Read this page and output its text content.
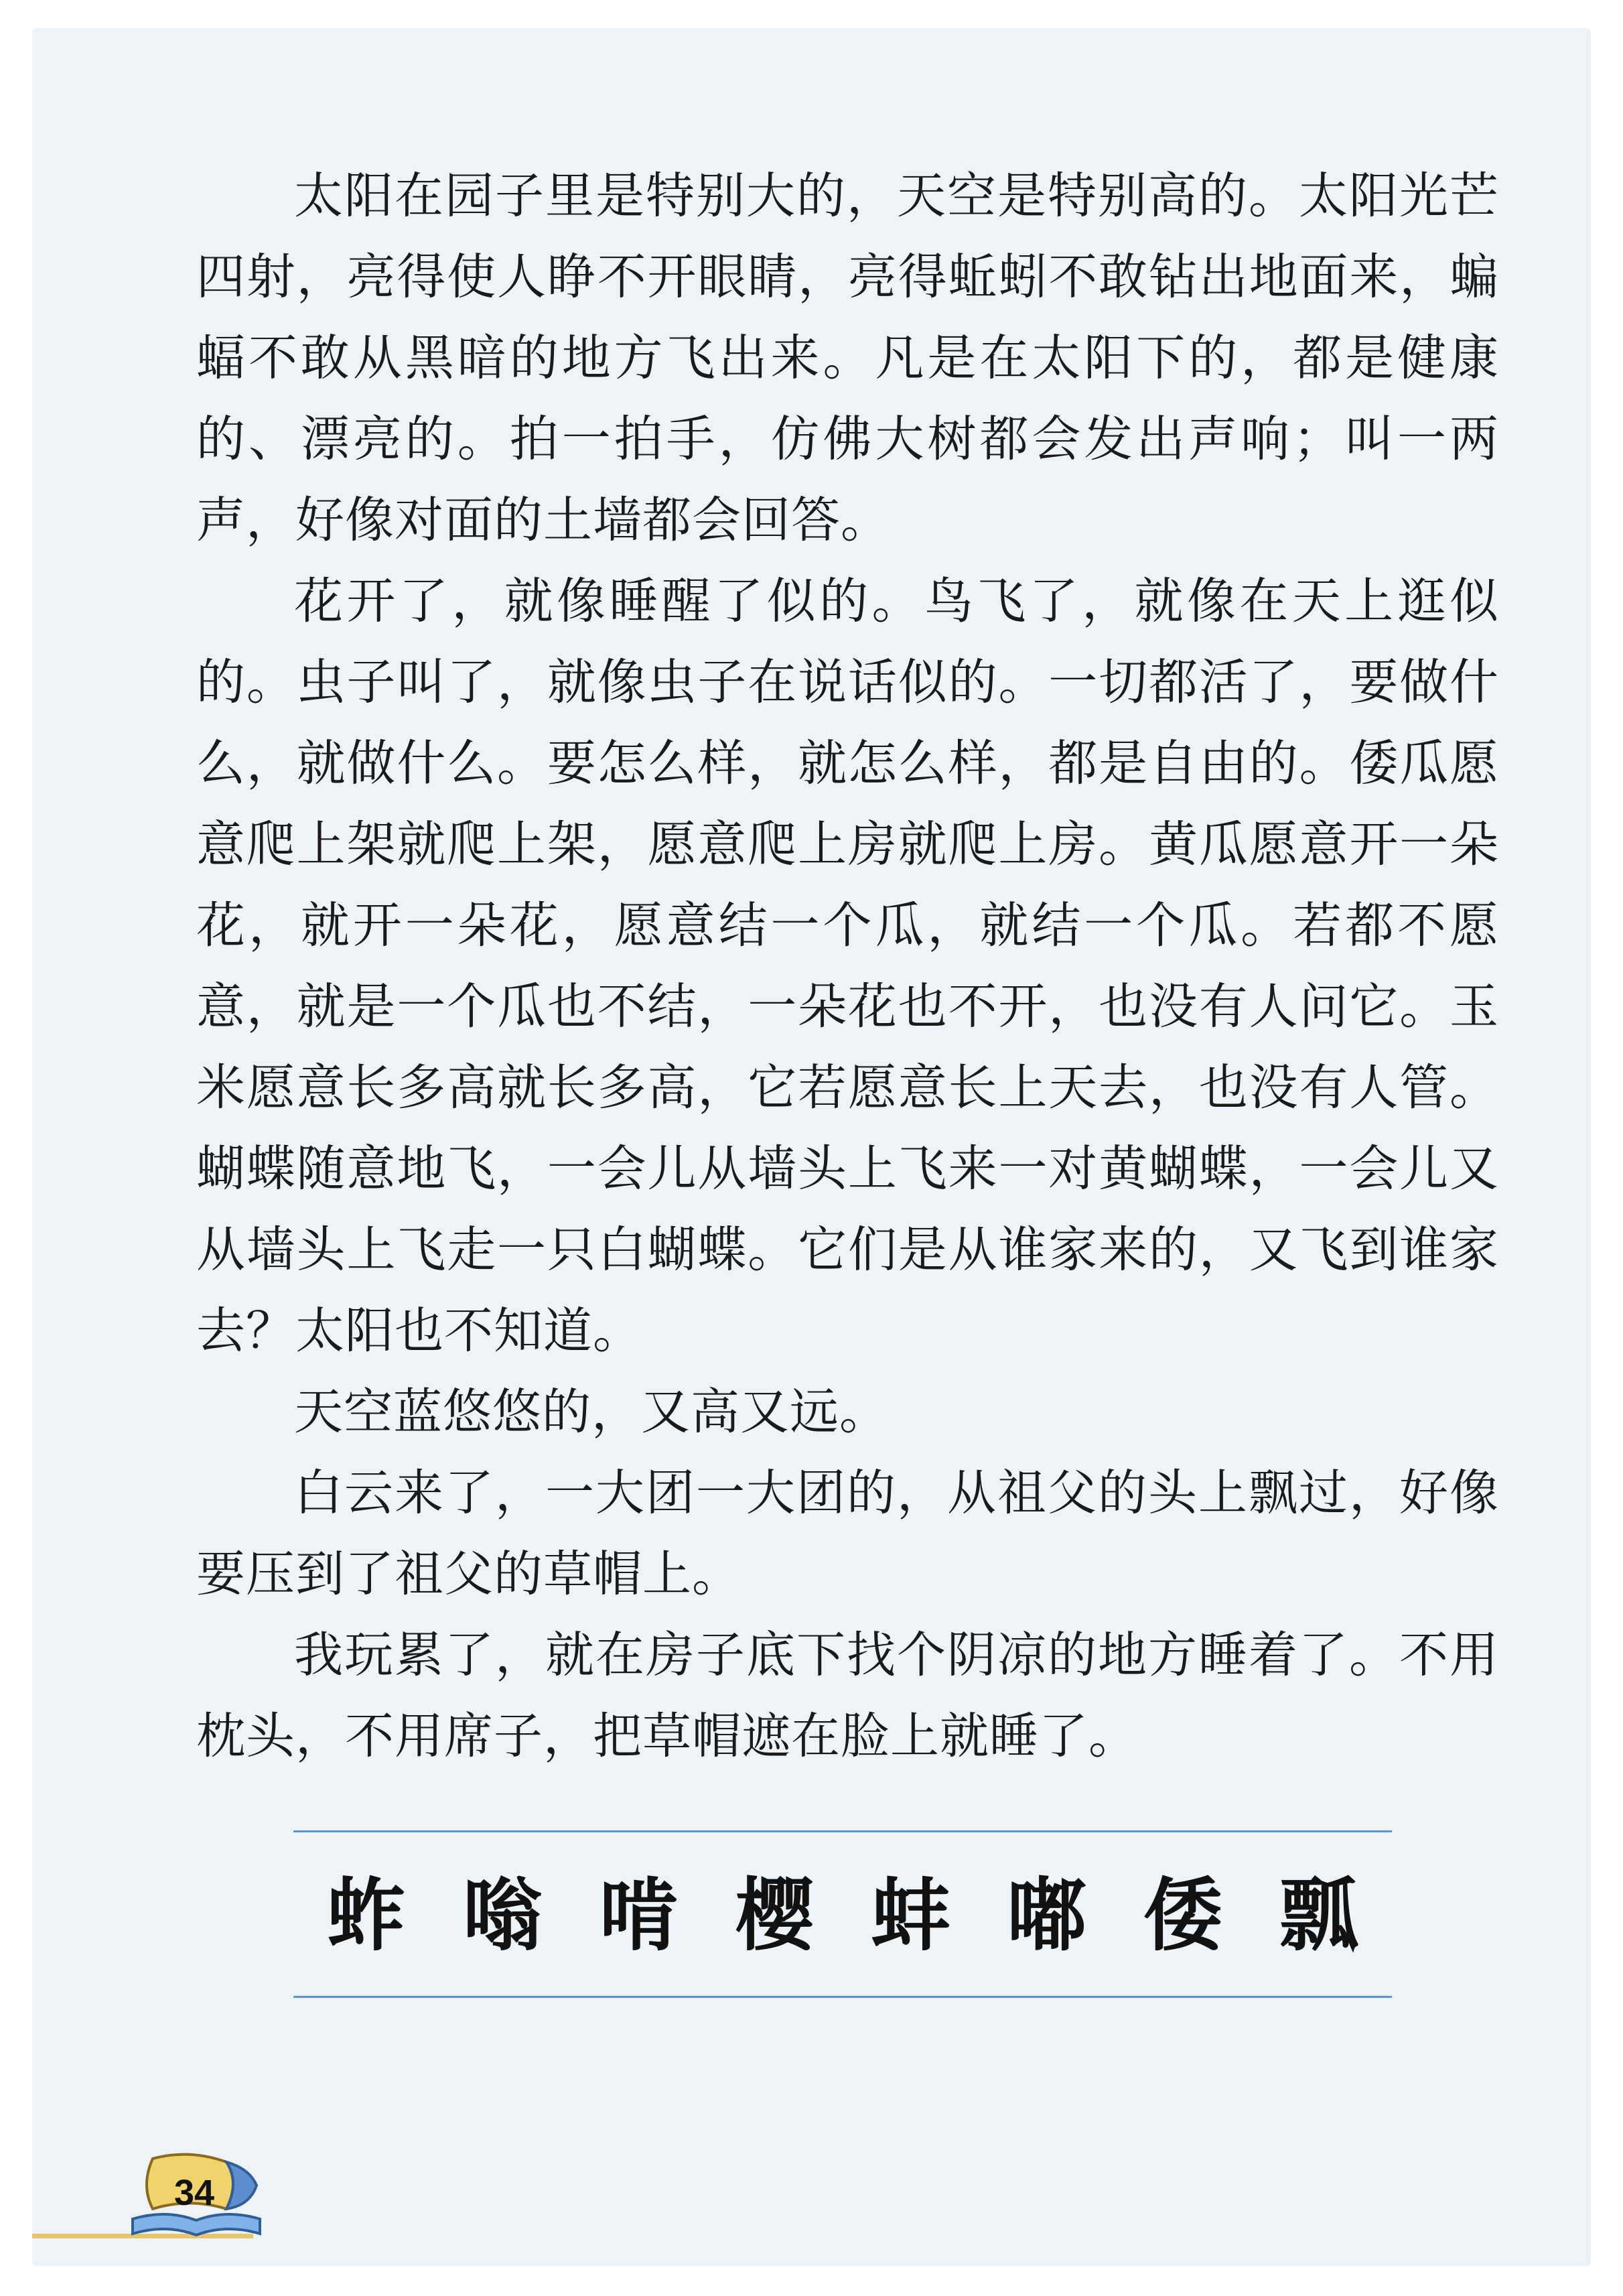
太阳在园子里是特别大的，天空是特别高的。太阳光芒四射，亮得使人睁不开眼睛，亮得蚯蚓不敢钻出地面来，蝙蝠不敢从黑暗的地方飞出来。凡是在太阳下的，都是健康的、漂亮的。拍一拍手，仿佛大树都会发出声响；叫一两声，好像对面的土墙都会回答。

花开了，就像睡醒了似的。鸟飞了，就像在天上逛似的。虫子叫了，就像虫子在说话似的。一切都活了，要做什么，就做什么。要怎么样，就怎么样，都是自由的。倭瓜愿意爬上架就爬上架，愿意爬上房就爬上房。黄瓜愿意开一朵花，就开一朵花，愿意结一个瓜，就结一个瓜。若都不愿意，就是一个瓜也不结，一朵花也不开，也没有人问它。玉米愿意长多高就长多高，它若愿意长上天去，也没有人管。蝴蝶随意地飞，一会儿从墙头上飞来一对黄蝴蝶，一会儿又从墙头上飞走一只白蝴蝶。它们是从谁家来的，又飞到谁家去？太阳也不知道。

天空蓝悠悠的，又高又远。

白云来了，一大团一大团的，从祖父的头上飘过，好像要压到了祖父的草帽上。

我玩累了，就在房子底下找个阴凉的地方睡着了。不用枕头，不用席子，把草帽遮在脸上就睡了。

蚱 嗡 啃 樱 蚌 嘟 倭 瓢
34
